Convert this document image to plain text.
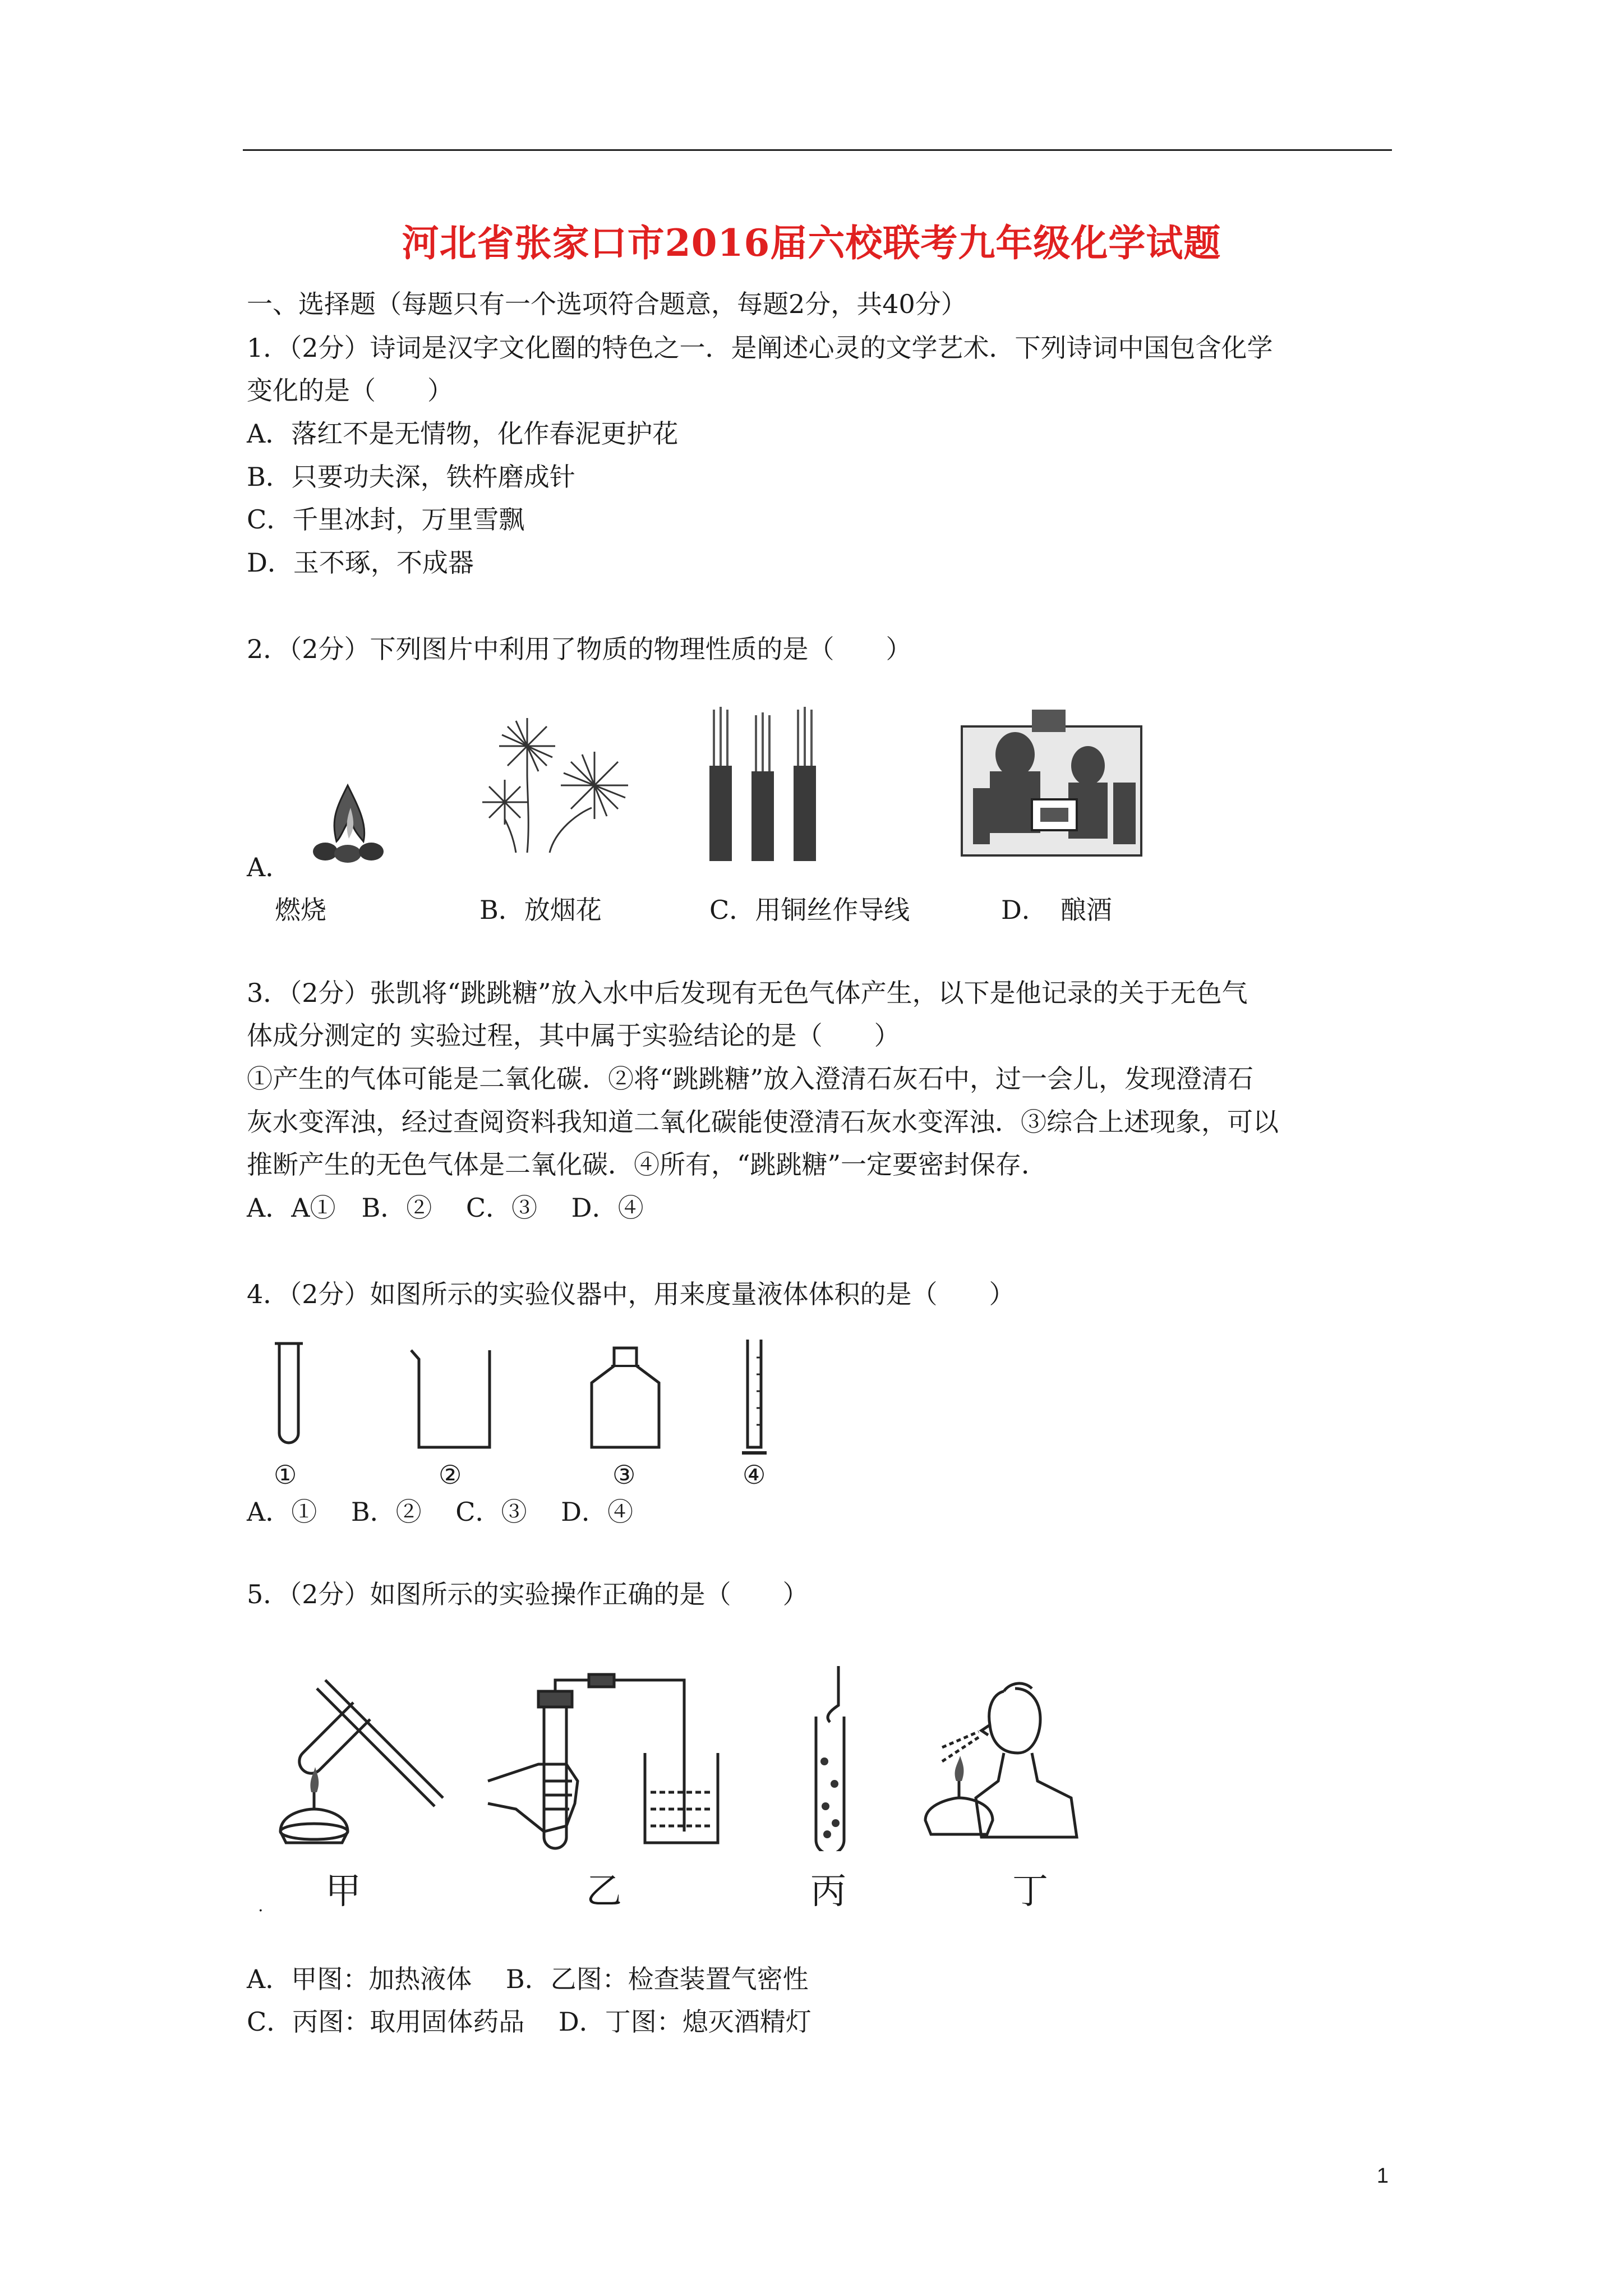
河北省张家口市2016届六校联考九年级化学试题
一、选择题（每题只有一个选项符合题意，每题2分，共40分）
1．（2分）诗词是汉字文化圈的特色之一．是阐述心灵的文学艺术．下列诗词中国包含化学
变化的是（　　）
A．落红不是无情物，化作春泥更护花
B．只要功夫深，铁杵磨成针
C．千里冰封，万里雪飘
D．玉不琢，不成器
2．（2分）下列图片中利用了物质的物理性质的是（　　）
A．
燃烧	B．放烟花	C．用铜丝作导线	D．　酿酒
3．（2分）张凯将“跳跳糖”放入水中后发现有无色气体产生，以下是他记录的关于无色气
体成分测定的 实验过程，其中属于实验结论的是（　　）
①产生的气体可能是二氧化碳．②将“跳跳糖”放入澄清石灰石中，过一会儿，发现澄清石
灰水变浑浊，经过查阅资料我知道二氧化碳能使澄清石灰水变浑浊．③综合上述现象，可以
推断产生的无色气体是二氧化碳．④所有，“跳跳糖”一定要密封保存．
A．A①　B．②　 C．③　 D．④
4．（2分）如图所示的实验仪器中，用来度量液体体积的是（　　）
①	②	③	④
A．①　 B．②　 C．③　 D．④
5．（2分）如图所示的实验操作正确的是（　　）
甲
.	乙	丙	丁
A．甲图：加热液体　 B．乙图：检查装置气密性
C．丙图：取用固体药品　 D．丁图：熄灭酒精灯
1
